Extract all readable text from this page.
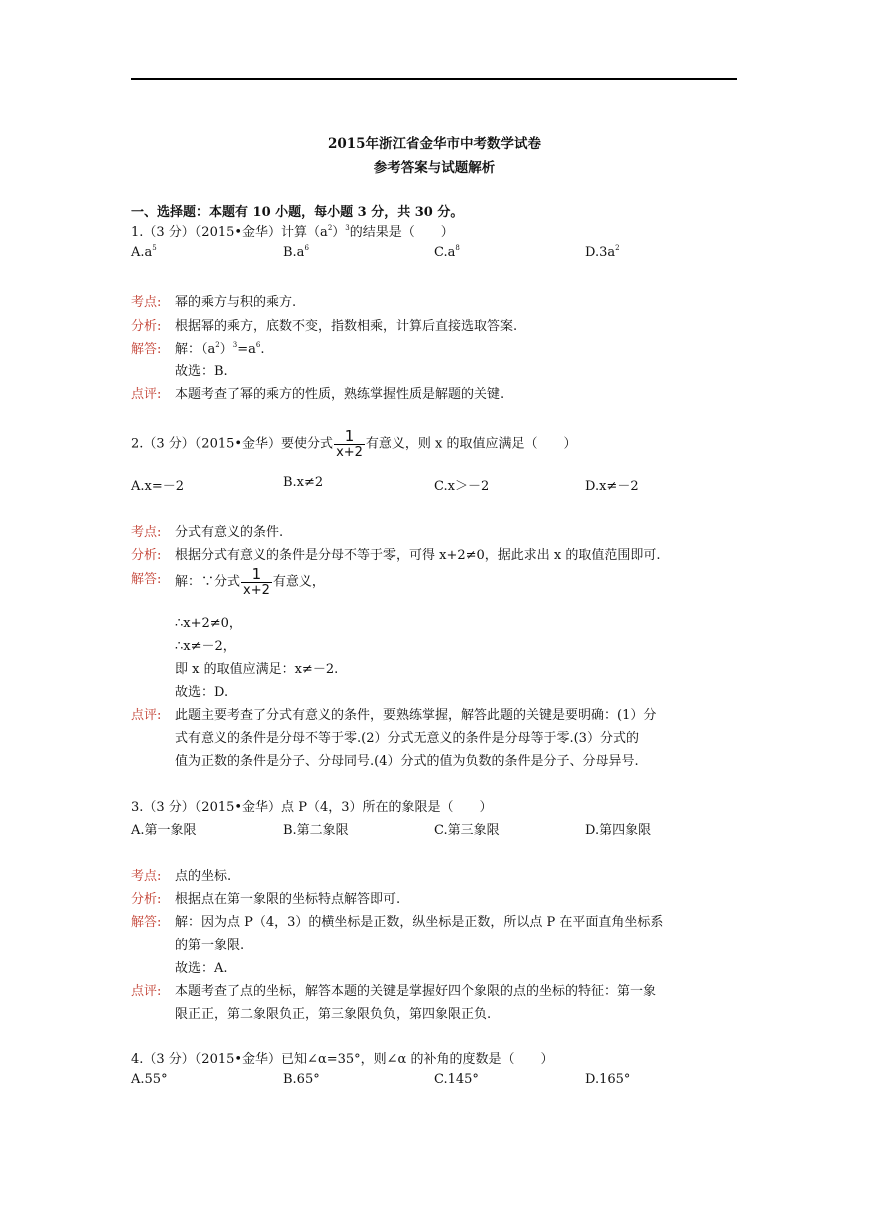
2015年浙江省金华市中考数学试卷
参考答案与试题解析
一、选择题：本题有 10 小题，每小题 3 分，共 30 分。
1.（3 分）（2015•金华）计算$(a^2)^3$的结果是（　　）
$A.a^5$	$B.a^6$	$C.a^8$	$D.3a^2$
考点: 幂的乘方与积的乘方.
分析: 根据幂的乘方，底数不变，指数相乘，计算后直接选取答案.
解答: 解：$(a^2)^3=a^6$.
故选：B.
点评: 本题考查了幂的乘方的性质，熟练掌握性质是解题的关键.
2.（3 分）（2015•金华）要使分式 $\frac{1}{x+2}$ 有意义，则 x 的取值应满足（　　）
A.x=－2	B.x≠2	C.x＞－2	D.x≠－2
考点: 分式有意义的条件.
分析: 根据分式有意义的条件是分母不等于零，可得 x+2≠0，据此求出 x 的取值范围即可.
解答: 解：∵分式 $\frac{1}{x+2}$ 有意义，
∴x+2≠0，
∴x≠－2，
即 x 的取值应满足：x≠－2.
故选：D.
点评: 此题主要考查了分式有意义的条件，要熟练掌握，解答此题的关键是要明确：(1）分
式有意义的条件是分母不等于零.(2）分式无意义的条件是分母等于零.(3）分式的
值为正数的条件是分子、分母同号.(4）分式的值为负数的条件是分子、分母异号.
3.（3 分）（2015•金华）点 P（4，3）所在的象限是（　　）
A.第一象限	B.第二象限	C.第三象限	D.第四象限
考点: 点的坐标.
分析: 根据点在第一象限的坐标特点解答即可.
解答: 解：因为点 P（4，3）的横坐标是正数，纵坐标是正数，所以点 P 在平面直角坐标系
的第一象限.
故选：A.
点评: 本题考查了点的坐标，解答本题的关键是掌握好四个象限的点的坐标的特征：第一象
限正正，第二象限负正，第三象限负负，第四象限正负.
4.（3 分）（2015•金华）已知∠α=35°，则∠α 的补角的度数是（　　）
A.55°	B.65°	C.145°	D.165°
